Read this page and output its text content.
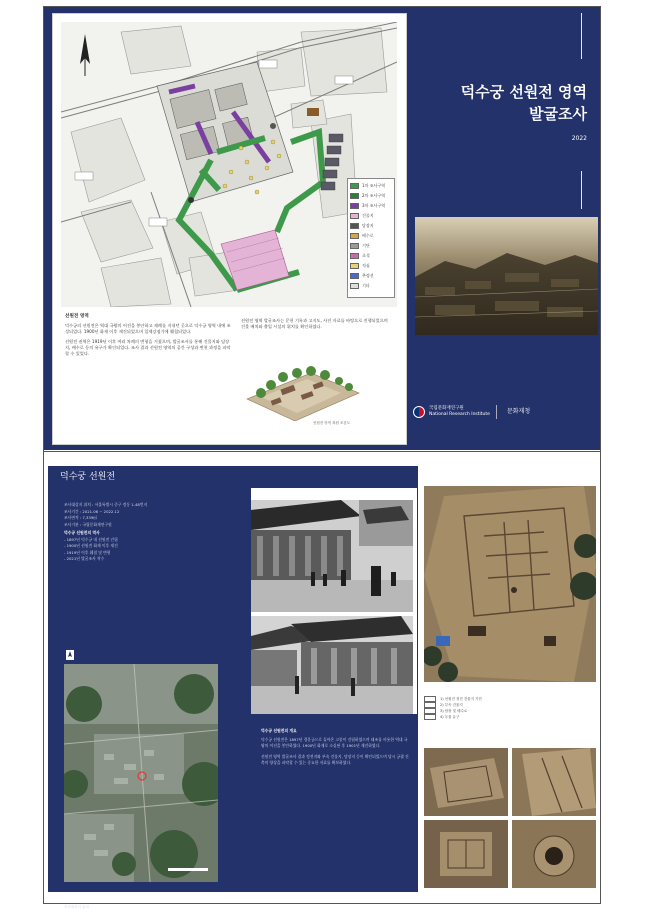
1차 조사구역
2차 조사구역
3차 조사구역
건물지
담장지
배수로
기단
초석
적심
추정선
기타
선원전 영역

덕수궁의 선원전은 역대 국왕의 어진을 봉안하고 제례를 지내던 곳으로 덕수궁 영역 내에 조성되었다. 1900년 화재 이후 재건되었으며 일제강점기에 훼철되었다.

선원전 권역은 1919년 이후 여러 차례의 변형을 거쳤으며, 발굴조사를 통해 건물지와 담장지, 배수로 등의 유구가 확인되었다. 조사 결과 선원전 영역의 공간 구성과 변천 과정을 파악할 수 있었다.

선원전 영역 발굴조사는 문헌 기록과 고지도, 사진 자료를 바탕으로 진행되었으며 건물 배치와 출입 시설의 위치를 확인하였다.

선원전 영역 복원 조감도
덕수궁 선원전 영역
발굴조사
2022
국립문화재연구원
National Research Institute	문화재청
덕수궁 선원전
조사대상지 위치 : 서울특별시 중구 정동 1-48번지
조사기간 : 2021.06 ~ 2022.12
조사면적 : 7,339㎡
조사기관 : 국립문화재연구원
덕수궁 선원전의 역사
- 1897년 덕수궁 내 선원전 건립
- 1900년 선원전 화재 이후 재건
- 1919년 이후 훼철 및 변형
- 2021년 발굴조사 착수
조사대상지 위치
덕수궁 선원전의 개요

덕수궁 선원전은 1897년 경운궁으로 돌아온 고종이 건립하였으며 태조를 비롯한 역대 국왕의 어진을 봉안하였다. 1900년 화재로 소실된 후 1901년 재건하였다.

선원전 영역 발굴조사 결과 정전지와 부속 건물지, 담장지 등이 확인되었으며 당시 궁궐 건축의 양상을 파악할 수 있는 중요한 자료를 확보하였다.

1) 선원전 정전 건물지 기단
2) 부속 건물지
3) 담장 및 배수로
4) 우물 유구
